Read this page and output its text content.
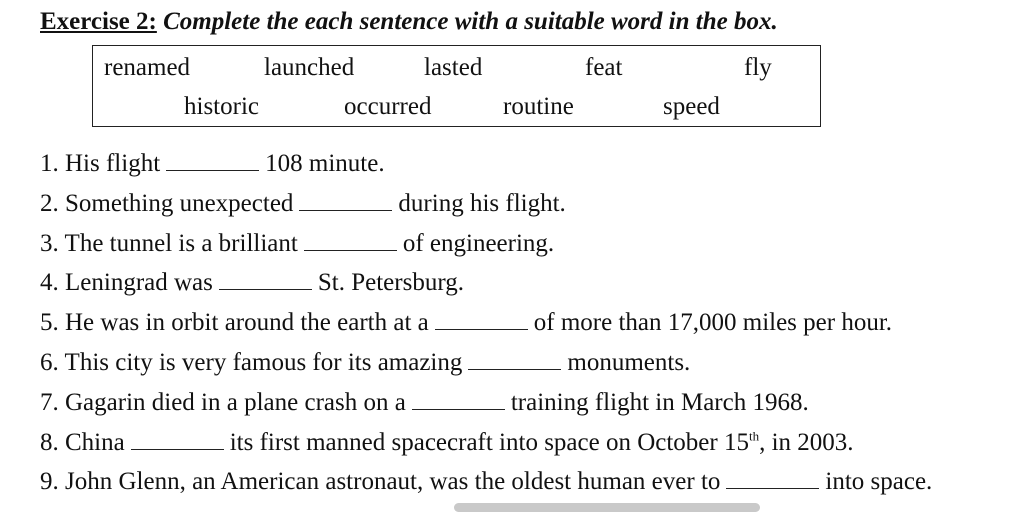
Exercise 2: Complete the each sentence with a suitable word in the box.
renamed	launched	lasted	feat	fly
historic	occurred	routine	speed
1. His flight	108 minute.
2. Something unexpected	during his flight.
3. The tunnel is a brilliant	of engineering.
4. Leningrad was	St. Petersburg.
5. He was in orbit around the earth at a	of more than 17,000 miles per hour.
6. This city is very famous for its amazing	monuments.
7. Gagarin died in a plane crash on a	training flight in March 1968.
8. China	its first manned spacecraft into space on October 15th, in 2003.
9. John Glenn, an American astronaut, was the oldest human ever to	into space.
